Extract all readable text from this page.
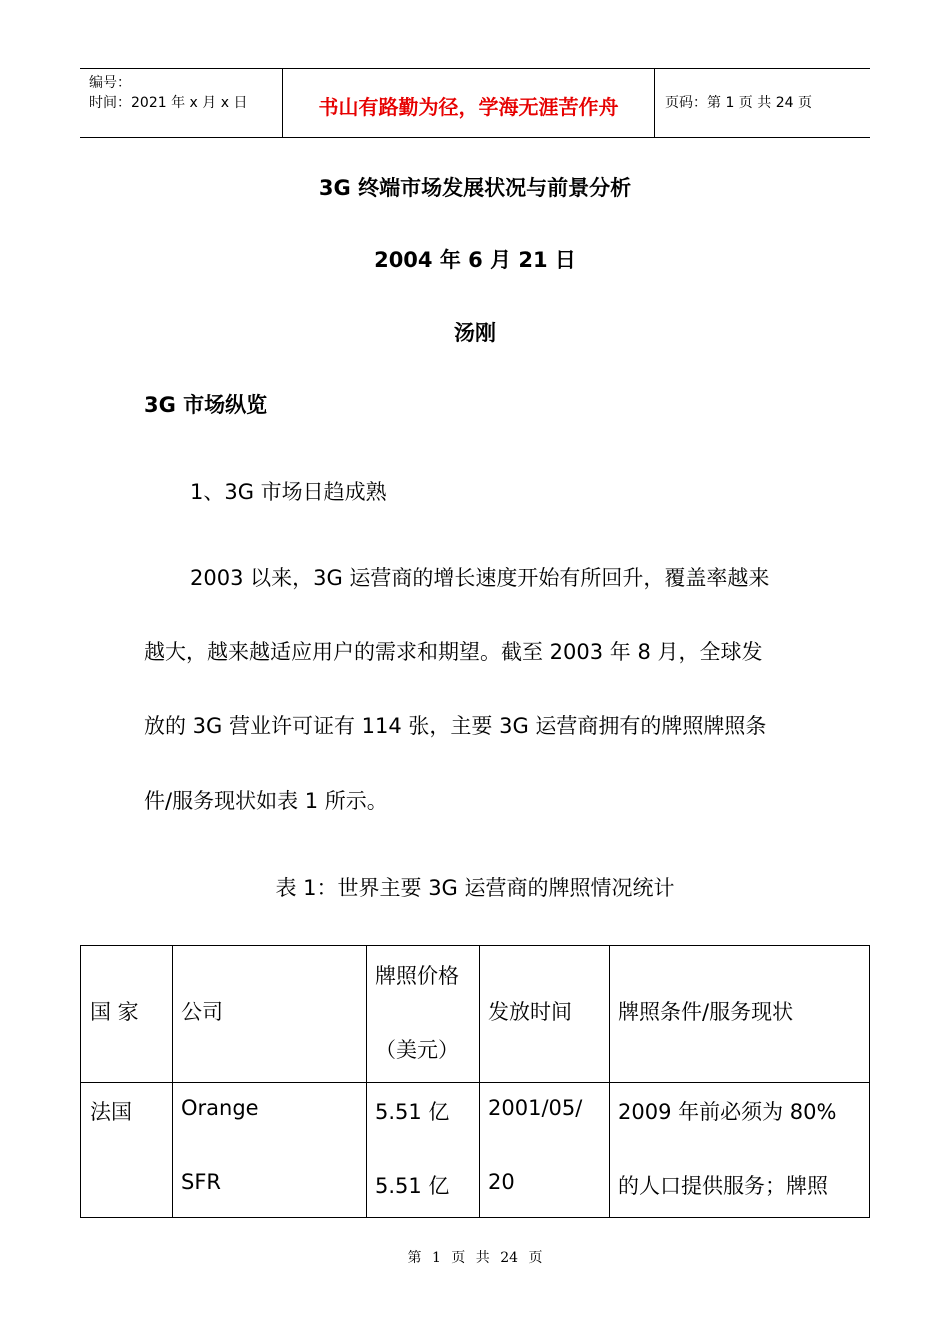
编号：
时间：2021 年 x 月 x 日	书山有路勤为径，学海无涯苦作舟	页码：第 1 页 共 24 页
3G 终端市场发展状况与前景分析
2004 年 6 月 21 日
汤刚
3G 市场纵览
1、3G 市场日趋成熟
2003 以来，3G 运营商的增长速度开始有所回升，覆盖率越来
越大，越来越适应用户的需求和期望。截至 2003 年 8 月，全球发
放的 3G 营业许可证有 114 张，主要 3G 运营商拥有的牌照牌照条
件/服务现状如表 1 所示。
表 1：世界主要 3G 运营商的牌照情况统计
国 家 公司
牌照价格
（美元）
发放时间 牌照条件/服务现状
法国 Orange
SFR
5.51 亿
5.51 亿
2001/05/
20
2009 年前必须为 80%
的人口提供服务；牌照
第 1 页 共 24 页
